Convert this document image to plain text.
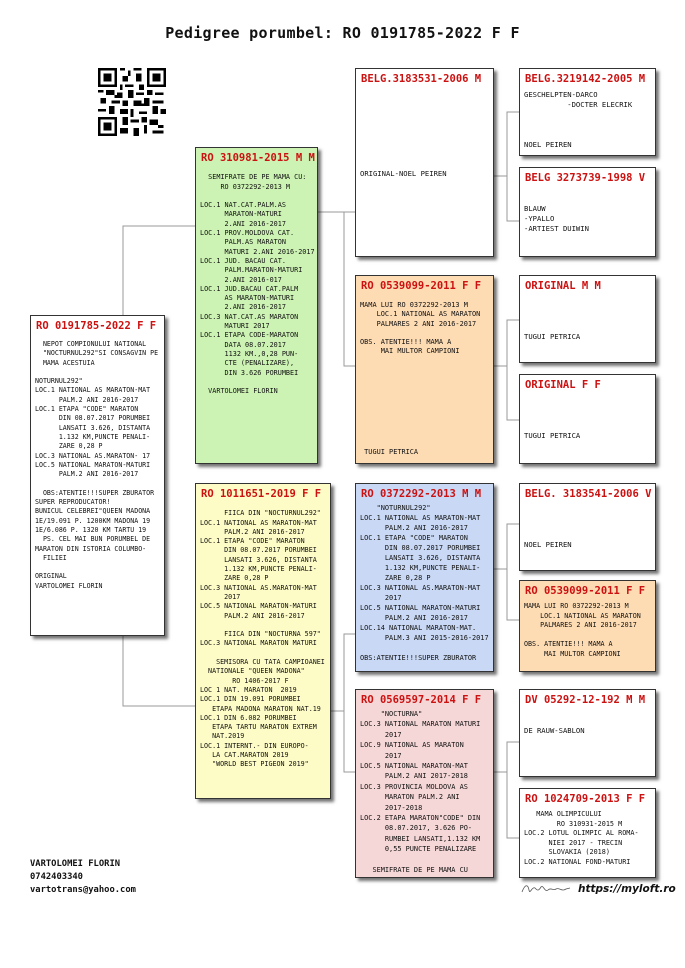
Pedigree porumbel: RO 0191785-2022 F F
RO 0191785-2022 F F
NEPOT COMPIONULUI NATIONAL
"NOCTURNUL292"SI CONSAGVIN PE
MAMA ACESTUIA

NOTURNUL292"
LOC.1 NATIONAL AS MARATON-MAT
PALM.2 ANI 2016-2017
LOC.1 ETAPA "CODE" MARATON
DIN 08.07.2017 PORUMBEI
LANSATI 3.626, DISTANTA
1.132 KM,PUNCTE PENALI-
ZARE 0,28 P
LOC.3 NATIONAL AS.MARATON- 17
LOC.5 NATIONAL MARATON-MATURI
PALM.2 ANI 2016-2017

OBS:ATENTIE!!!SUPER ZBURATOR
SUPER REPRODUCATOR!
BUNICUL CELEBREI"QUEEN MADONA
1E/19.091 P. 1200KM MADONA 19
1E/6.086 P. 1320 KM TARTU 19
PS. CEL MAI BUN PORUMBEL DE
MARATON DIN ISTORIA COLUMBO-
FILIEI

ORIGINAL
VARTOLOMEI FLORIN
RO 310981-2015 M M

SEMIFRATE DE PE MAMA CU:
RO 0372292-2013 M

LOC.1 NAT.CAT.PALM.AS
MARATON-MATURI
2.ANI 2016-2017
LOC.1 PROV.MOLDOVA CAT.
PALM.AS MARATON
MATURI 2.ANI 2016-2017
LOC.1 JUD. BACAU CAT.
PALM.MARATON-MATURI
2.ANI 2016-017
LOC.1 JUD.BACAU CAT.PALM
AS MARATON-MATURI
2.ANI 2016-2017
LOC.3 NAT.CAT.AS MARATON
MATURI 2017
LOC.1 ETAPA CODE-MARATON
DATA 08.07.2017
1132 KM.,0,28 PUN-
CTE (PENALIZARE),
DIN 3.626 PORUMBEI

VARTOLOMEI FLORIN
RO 1011651-2019 F F

FIICA DIN "NOCTURNUL292"
LOC.1 NATIONAL AS MARATON-MAT
PALM.2 ANI 2016-2017
LOC.1 ETAPA "CODE" MARATON
DIN 08.07.2017 PORUMBEI
LANSATI 3.626, DISTANTA
1.132 KM,PUNCTE PENALI-
ZARE 0,28 P
LOC.3 NATIONAL AS.MARATON-MAT
2017
LOC.5 NATIONAL MARATON-MATURI
PALM.2 ANI 2016-2017

FIICA DIN "NOCTURNA 597"
LOC.3 NATIONAL MARATON MATURI

SEMISORA CU TATA CAMPIOANEI
NATIONALE "QUEEN MADONA"
RO 1406-2017 F
LOC 1 NAT. MARATON  2019
LOC.1 DIN 19.091 PORUMBEI
ETAPA MADONA MARATON NAT.19
LOC.1 DIN 6.082 PORUMBEI
ETAPA TARTU MARATON EXTREM
NAT.2019
LOC.1 INTERNT.- DIN EUROPO-
LA CAT.MARATON 2019
"WORLD BEST PIGEON 2019"
BELG.3183531-2006 M

ORIGINAL-NOEL PEIREN
RO 0539099-2011 F F

MAMA LUI RO 0372292-2013 M
LOC.1 NATIONAL AS MARATON
PALMARES 2 ANI 2016-2017

OBS. ATENTIE!!! MAMA A
MAI MULTOR CAMPIONI

TUGUI PETRICA
RO 0372292-2013 M M
"NOTURNUL292"
LOC.1 NATIONAL AS MARATON-MAT
PALM.2 ANI 2016-2017
LOC.1 ETAPA "CODE" MARATON
DIN 08.07.2017 PORUMBEI
LANSATI 3.626, DISTANTA
1.132 KM,PUNCTE PENALI-
ZARE 0,28 P
LOC.3 NATIONAL AS.MARATON-MAT
2017
LOC.5 NATIONAL MARATON-MATURI
PALM.2 ANI 2016-2017
LOC.14 NATIONAL MARATON-MAT.
PALM.3 ANI 2015-2016-2017

OBS:ATENTIE!!!SUPER ZBURATOR
RO 0569597-2014 F F
"NOCTURNA"
LOC.3 NATIONAL MARATON MATURI
2017
LOC.9 NATIONAL AS MARATON
2017
LOC.5 NATIONAL MARATON-MAT
PALM.2 ANI 2017-2018
LOC.3 PROVINCIA MOLDOVA AS
MARATON PALM.2 ANI
2017-2018
LOC.2 ETAPA MARATON"CODE" DIN
08.07.2017, 3.626 PO-
RUMBEI LANSATI,1.132 KM
0,55 PUNCTE PENALIZARE

SEMIFRATE DE PE MAMA CU
BELG.3219142-2005 M
GESCHELPTEN-DARCO
-DOCTER ELECRIK

NOEL PEIREN
BELG 3273739-1998 V

BLAUW
-YPALLO
-ARTIEST DUIWIN
ORIGINAL M M

TUGUI PETRICA
ORIGINAL F F

TUGUI PETRICA
BELG. 3183541-2006 V

NOEL PEIREN
RO 0539099-2011 F F
MAMA LUI RO 0372292-2013 M
LOC.1 NATIONAL AS MARATON
PALMARES 2 ANI 2016-2017

OBS. ATENTIE!!! MAMA A
MAI MULTOR CAMPIONI
DV 05292-12-192 M M

DE RAUW-SABLON
RO 1024709-2013 F F
MAMA OLIMPICULUI
RO 310931-2015 M
LOC.2 LOTUL OLIMPIC AL ROMA-
NIEI 2017 - TRECIN
SLOVAKIA (2018)
LOC.2 NATIONAL FOND-MATURI
VARTOLOMEI FLORIN
0742403340
vartotrans@yahoo.com	https://myloft.ro
